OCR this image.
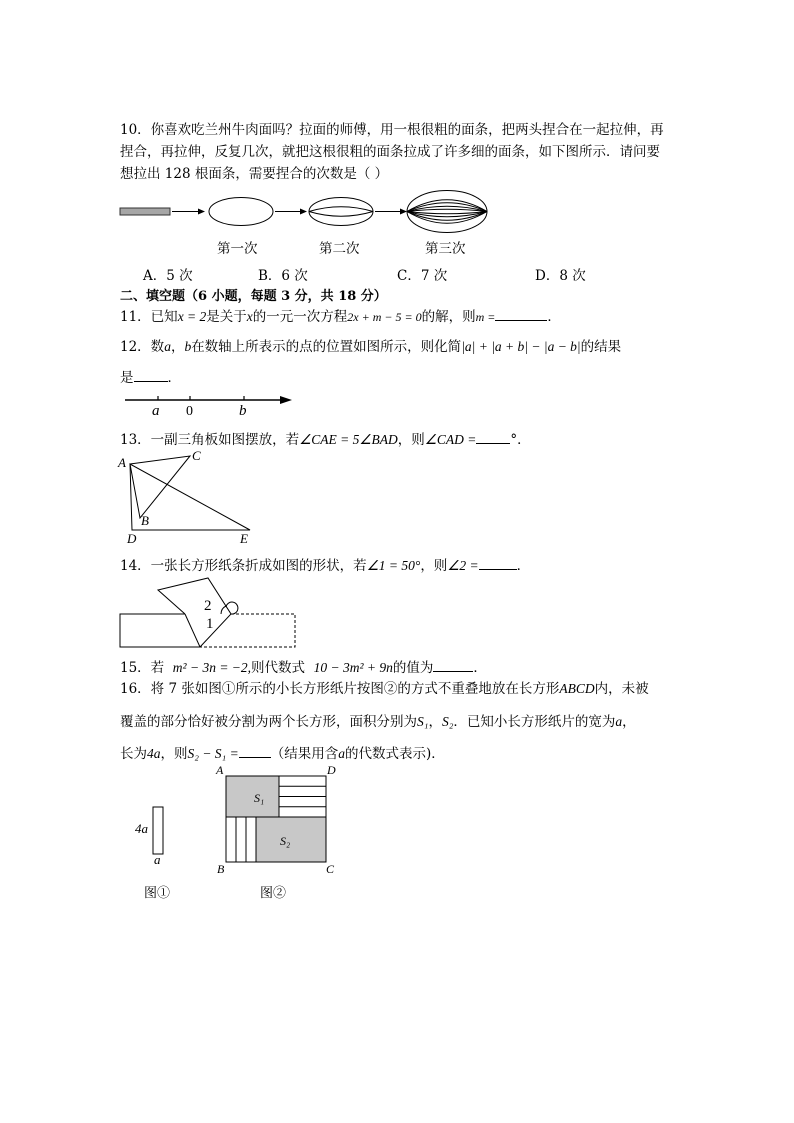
10．你喜欢吃兰州牛肉面吗？拉面的师傅，用一根很粗的面条，把两头捏合在一起拉伸，再
捏合，再拉伸，反复几次，就把这根很粗的面条拉成了许多细的面条，如下图所示．请问要
想拉出 128 根面条，需要捏合的次数是（ ）
第一次	第二次	第三次
A．5 次	B．6 次	C．7 次	D．8 次
二、填空题（6 小题，每题 3 分，共 18 分）
11．已知x = 2是关于x的一元一次方程2x + m − 5 = 0的解，则m =	．
12．数a，b在数轴上所表示的点的位置如图所示，则化简|a| + |a + b| − |a − b|的结果
是	．
a 0	b
13．一副三角板如图摆放，若∠CAE = 5∠BAD，则∠CAD =	°．
A	C
B
D	E
14．一张长方形纸条折成如图的形状，若∠1 = 50°，则∠2 =	．
2
1
15．若 m² − 3n = −2,则代数式 10 − 3m² + 9n的值为	．
16．将 7 张如图①所示的小长方形纸片按图②的方式不重叠地放在长方形ABCD内，未被
覆盖的部分恰好被分割为两个长方形，面积分别为S₁，S₂．已知小长方形纸片的宽为a，
长为4a，则S₂ − S₁ = （结果用含a的代数式表示)．
4a
a
图①
A	D
B	C
S₁
S₂
图②
